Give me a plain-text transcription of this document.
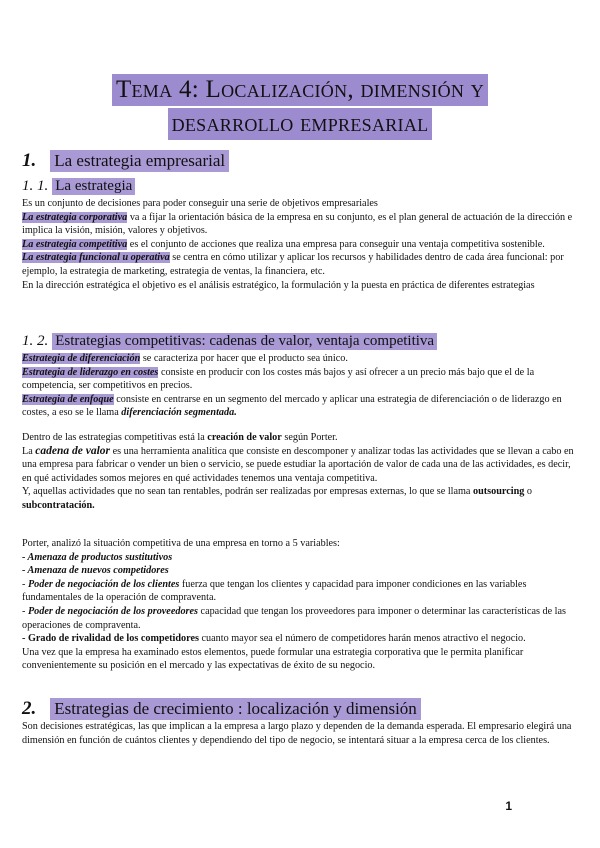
Tema 4: Localización, dimensión y
desarrollo empresarial
1. La estrategia empresarial
1. 1. La estrategia

Es un conjunto de decisiones para poder conseguir una serie de objetivos empresariales

La estrategia corporativa va a fijar la orientación básica de la empresa en su conjunto, es el plan general de actuación de la dirección e implica la visión, misión, valores y objetivos.

La estrategia competitiva es el conjunto de acciones que realiza una empresa para conseguir una ventaja competitiva sostenible.

La estrategia funcional u operativa se centra en cómo utilizar y aplicar los recursos y habilidades dentro de cada área funcional: por ejemplo, la estrategia de marketing, estrategia de ventas, la financiera, etc.

En la dirección estratégica el objetivo es el análisis estratégico, la formulación y la puesta en práctica de diferentes estrategias

1. 2. Estrategias competitivas: cadenas de valor, ventaja competitiva

Estrategia de diferenciación se caracteriza por hacer que el producto sea único.

Estrategia de liderazgo en costes consiste en producir con los costes más bajos y así ofrecer a un precio más bajo que el de la competencia, ser competitivos en precios.

Estrategia de enfoque consiste en centrarse en un segmento del mercado y aplicar una estrategia de diferenciación o de liderazgo en costes, a eso se le llama diferenciación segmentada.

Dentro de las estrategias competitivas está la creación de valor según Porter.

La cadena de valor es una herramienta analítica que consiste en descomponer y analizar todas las actividades que se llevan a cabo en una empresa para fabricar o vender un bien o servicio, se puede estudiar la aportación de valor de cada una de las actividades, es decir, en qué actividades somos mejores en qué actividades tenemos una ventaja competitiva.

Y, aquellas actividades que no sean tan rentables, podrán ser realizadas por empresas externas, lo que se llama outsourcing o subcontratación.

Porter, analizó la situación competitiva de una empresa en torno a 5 variables:

- Amenaza de productos sustitutivos

- Amenaza de nuevos competidores

- Poder de negociación de los clientes fuerza que tengan los clientes y capacidad para imponer condiciones en las variables fundamentales de la operación de compraventa.

- Poder de negociación de los proveedores capacidad que tengan los proveedores para imponer o determinar las características de las operaciones de compraventa.

- Grado de rivalidad de los competidores cuanto mayor sea el número de competidores harán menos atractivo el negocio.

Una vez que la empresa ha examinado estos elementos, puede formular una estrategia corporativa que le permita planificar convenientemente su posición en el mercado y las expectativas de éxito de su negocio.

2. Estrategias de crecimiento : localización y dimensión

Son decisiones estratégicas, las que implican a la empresa a largo plazo y dependen de la demanda esperada. El empresario elegirá una dimensión en función de cuántos clientes y dependiendo del tipo de negocio, se intentará situar a la empresa cerca de los clientes.

1
